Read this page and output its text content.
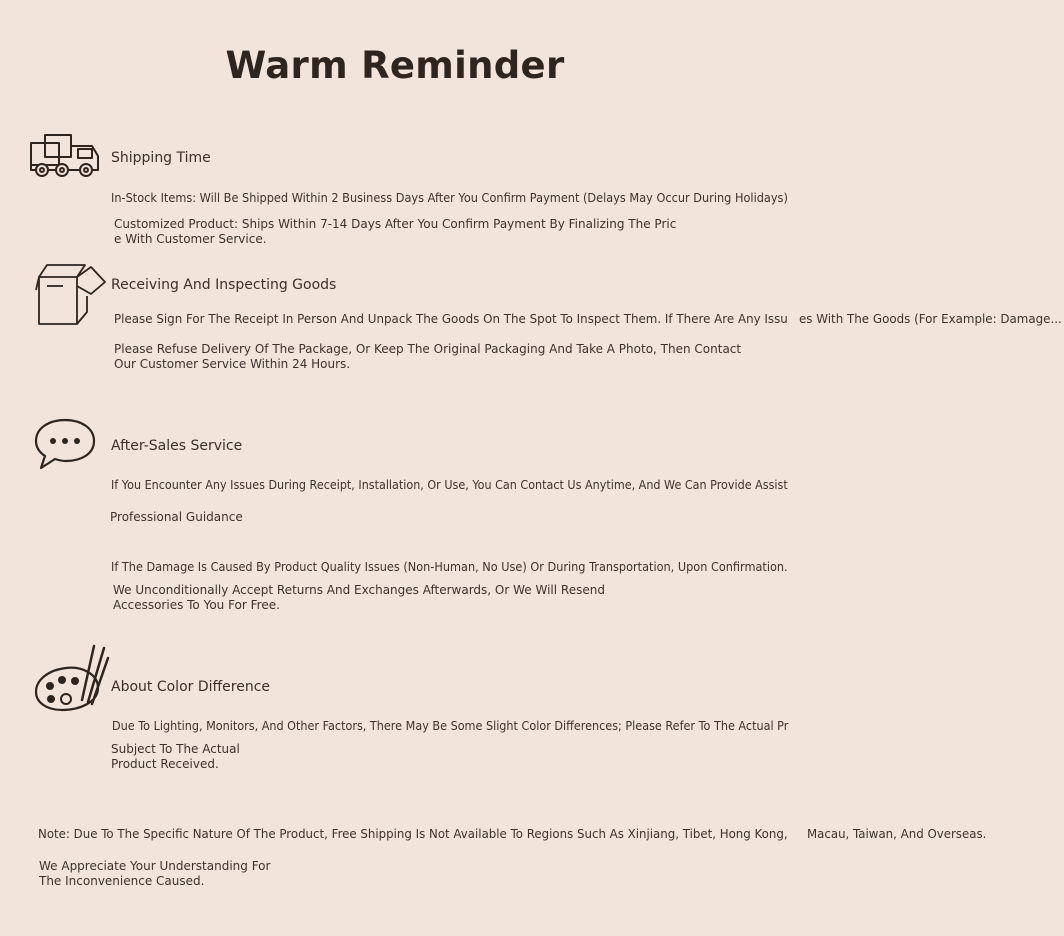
Warm Reminder
Shipping Time
In-Stock Items: Will Be Shipped Within 2 Business Days After You Confirm Payment (Delays May Occur During Holidays)
Customized Product: Ships Within 7-14 Days After You Confirm Payment By Finalizing The Pric
e With Customer Service.
Receiving And Inspecting Goods
Please Sign For The Receipt In Person And Unpack The Goods On The Spot To Inspect Them. If There Are Any Issu es With The Goods (For Example: Damage...
Please Refuse Delivery Of The Package, Or Keep The Original Packaging And Take A Photo, Then Contact
Our Customer Service Within 24 Hours.
After-Sales Service
If You Encounter Any Issues During Receipt, Installation, Or Use, You Can Contact Us Anytime, And We Can Provide Assist
Professional Guidance
If The Damage Is Caused By Product Quality Issues (Non-Human, No Use) Or During Transportation, Upon Confirmation.
We Unconditionally Accept Returns And Exchanges Afterwards, Or We Will Resend
Accessories To You For Free.
About Color Difference
Due To Lighting, Monitors, And Other Factors, There May Be Some Slight Color Differences; Please Refer To The Actual Pr
Subject To The Actual
Product Received.
Note: Due To The Specific Nature Of The Product, Free Shipping Is Not Available To Regions Such As Xinjiang, Tibet, Hong Kong, Macau, Taiwan, And Overseas.
We Appreciate Your Understanding For
The Inconvenience Caused.
